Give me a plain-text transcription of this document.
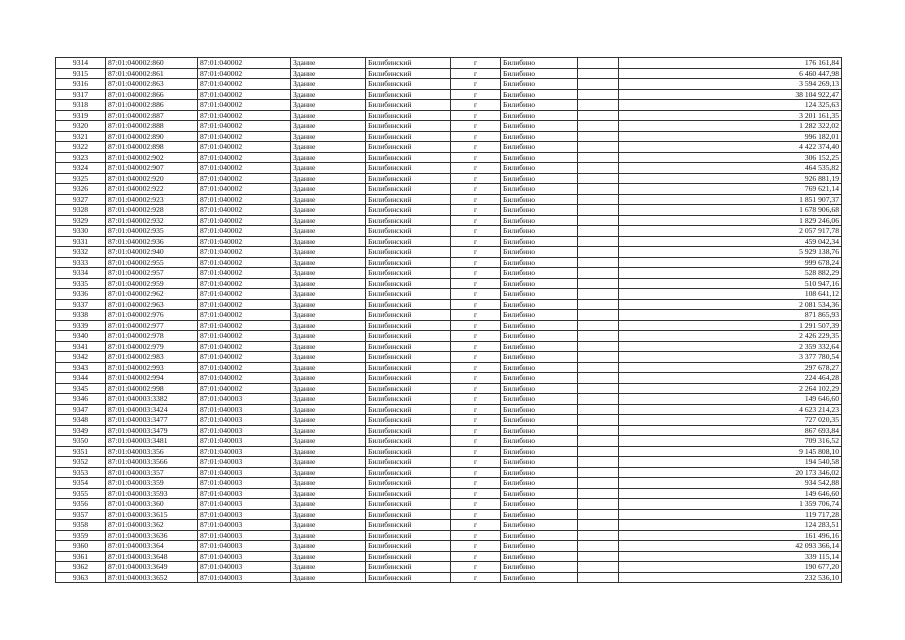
9314	87:01:040002:860	87:01:040002	Здание	Билибинский	г	Билибино		176 161,84
9315	87:01:040002:861	87:01:040002	Здание	Билибинский	г	Билибино		6 460 447,98
9316	87:01:040002:863	87:01:040002	Здание	Билибинский	г	Билибино		3 594 269,13
9317	87:01:040002:866	87:01:040002	Здание	Билибинский	г	Билибино		38 104 922,47
9318	87:01:040002:886	87:01:040002	Здание	Билибинский	г	Билибино		124 325,63
9319	87:01:040002:887	87:01:040002	Здание	Билибинский	г	Билибино		3 201 161,35
9320	87:01:040002:888	87:01:040002	Здание	Билибинский	г	Билибино		1 282 322,02
9321	87:01:040002:890	87:01:040002	Здание	Билибинский	г	Билибино		996 182,01
9322	87:01:040002:898	87:01:040002	Здание	Билибинский	г	Билибино		4 422 374,40
9323	87:01:040002:902	87:01:040002	Здание	Билибинский	г	Билибино		306 152,25
9324	87:01:040002:907	87:01:040002	Здание	Билибинский	г	Билибино		464 535,82
9325	87:01:040002:920	87:01:040002	Здание	Билибинский	г	Билибино		926 881,19
9326	87:01:040002:922	87:01:040002	Здание	Билибинский	г	Билибино		769 621,14
9327	87:01:040002:923	87:01:040002	Здание	Билибинский	г	Билибино		1 851 907,37
9328	87:01:040002:928	87:01:040002	Здание	Билибинский	г	Билибино		1 678 906,68
9329	87:01:040002:932	87:01:040002	Здание	Билибинский	г	Билибино		1 829 246,06
9330	87:01:040002:935	87:01:040002	Здание	Билибинский	г	Билибино		2 057 917,78
9331	87:01:040002:936	87:01:040002	Здание	Билибинский	г	Билибино		459 042,34
9332	87:01:040002:940	87:01:040002	Здание	Билибинский	г	Билибино		5 929 138,76
9333	87:01:040002:955	87:01:040002	Здание	Билибинский	г	Билибино		999 678,24
9334	87:01:040002:957	87:01:040002	Здание	Билибинский	г	Билибино		528 882,29
9335	87:01:040002:959	87:01:040002	Здание	Билибинский	г	Билибино		510 947,16
9336	87:01:040002:962	87:01:040002	Здание	Билибинский	г	Билибино		108 641,12
9337	87:01:040002:963	87:01:040002	Здание	Билибинский	г	Билибино		2 081 534,36
9338	87:01:040002:976	87:01:040002	Здание	Билибинский	г	Билибино		871 865,93
9339	87:01:040002:977	87:01:040002	Здание	Билибинский	г	Билибино		1 291 507,39
9340	87:01:040002:978	87:01:040002	Здание	Билибинский	г	Билибино		2 426 229,35
9341	87:01:040002:979	87:01:040002	Здание	Билибинский	г	Билибино		2 359 332,64
9342	87:01:040002:983	87:01:040002	Здание	Билибинский	г	Билибино		3 377 780,54
9343	87:01:040002:993	87:01:040002	Здание	Билибинский	г	Билибино		297 678,27
9344	87:01:040002:994	87:01:040002	Здание	Билибинский	г	Билибино		224 464,28
9345	87:01:040002:998	87:01:040002	Здание	Билибинский	г	Билибино		2 264 102,29
9346	87:01:040003:3382	87:01:040003	Здание	Билибинский	г	Билибино		149 646,60
9347	87:01:040003:3424	87:01:040003	Здание	Билибинский	г	Билибино		4 623 214,23
9348	87:01:040003:3477	87:01:040003	Здание	Билибинский	г	Билибино		727 020,35
9349	87:01:040003:3479	87:01:040003	Здание	Билибинский	г	Билибино		867 693,84
9350	87:01:040003:3481	87:01:040003	Здание	Билибинский	г	Билибино		709 316,52
9351	87:01:040003:356	87:01:040003	Здание	Билибинский	г	Билибино		9 145 808,10
9352	87:01:040003:3566	87:01:040003	Здание	Билибинский	г	Билибино		194 540,58
9353	87:01:040003:357	87:01:040003	Здание	Билибинский	г	Билибино		20 173 346,02
9354	87:01:040003:359	87:01:040003	Здание	Билибинский	г	Билибино		934 542,88
9355	87:01:040003:3593	87:01:040003	Здание	Билибинский	г	Билибино		149 646,60
9356	87:01:040003:360	87:01:040003	Здание	Билибинский	г	Билибино		1 359 706,74
9357	87:01:040003:3615	87:01:040003	Здание	Билибинский	г	Билибино		119 717,28
9358	87:01:040003:362	87:01:040003	Здание	Билибинский	г	Билибино		124 283,51
9359	87:01:040003:3636	87:01:040003	Здание	Билибинский	г	Билибино		161 496,16
9360	87:01:040003:364	87:01:040003	Здание	Билибинский	г	Билибино		42 093 366,14
9361	87:01:040003:3648	87:01:040003	Здание	Билибинский	г	Билибино		339 115,14
9362	87:01:040003:3649	87:01:040003	Здание	Билибинский	г	Билибино		190 677,20
9363	87:01:040003:3652	87:01:040003	Здание	Билибинский	г	Билибино		232 536,10
